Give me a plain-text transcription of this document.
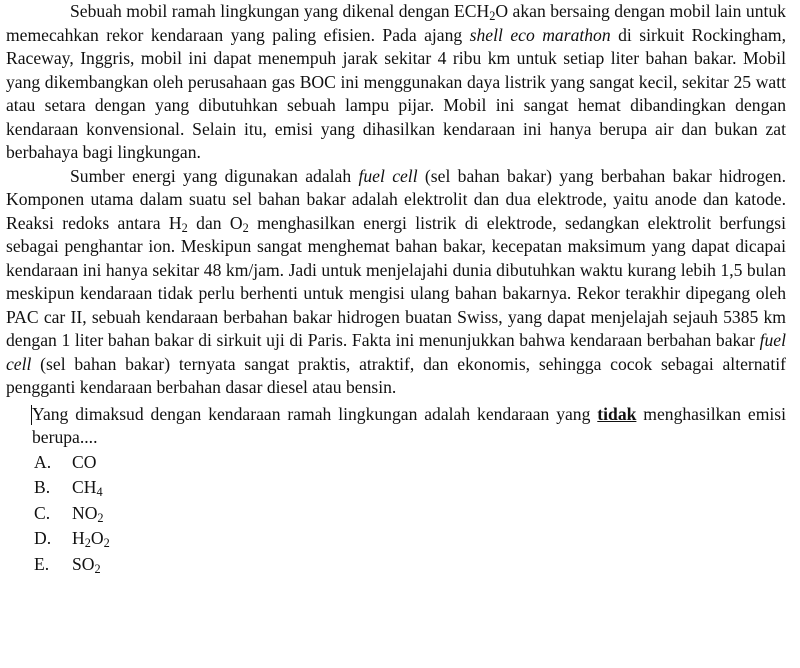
Sebuah mobil ramah lingkungan yang dikenal dengan $ECH_2O$ akan bersaing dengan mobil lain untuk memecahkan rekor kendaraan yang paling efisien. Pada ajang shell eco marathon di sirkuit Rockingham, Raceway, Inggris, mobil ini dapat menempuh jarak sekitar 4 ribu km untuk setiap liter bahan bakar. Mobil yang dikembangkan oleh perusahaan gas BOC ini menggunakan daya listrik yang sangat kecil, sekitar 25 watt atau setara dengan yang dibutuhkan sebuah lampu pijar. Mobil ini sangat hemat dibandingkan dengan kendaraan konvensional. Selain itu, emisi yang dihasilkan kendaraan ini hanya berupa air dan bukan zat berbahaya bagi lingkungan.

Sumber energi yang digunakan adalah fuel cell (sel bahan bakar) yang berbahan bakar hidrogen. Komponen utama dalam suatu sel bahan bakar adalah elektrolit dan dua elektrode, yaitu anode dan katode. Reaksi redoks antara $H_2$ dan $O_2$ menghasilkan energi listrik di elektrode, sedangkan elektrolit berfungsi sebagai penghantar ion. Meskipun sangat menghemat bahan bakar, kecepatan maksimum yang dapat dicapai kendaraan ini hanya sekitar 48 km/jam. Jadi untuk menjelajahi dunia dibutuhkan waktu kurang lebih 1,5 bulan meskipun kendaraan tidak perlu berhenti untuk mengisi ulang bahan bakarnya. Rekor terakhir dipegang oleh PAC car II, sebuah kendaraan berbahan bakar hidrogen buatan Swiss, yang dapat menjelajah sejauh 5385 km dengan 1 liter bahan bakar di sirkuit uji di Paris. Fakta ini menunjukkan bahwa kendaraan berbahan bakar fuel cell (sel bahan bakar) ternyata sangat praktis, atraktif, dan ekonomis, sehingga cocok sebagai alternatif pengganti kendaraan berbahan dasar diesel atau bensin.

Yang dimaksud dengan kendaraan ramah lingkungan adalah kendaraan yang tidak menghasilkan emisi berupa....

A.	CO
B.	$CH_4$
C.	$NO_2$
D.	$H_2O_2$
E.	$SO_2$
